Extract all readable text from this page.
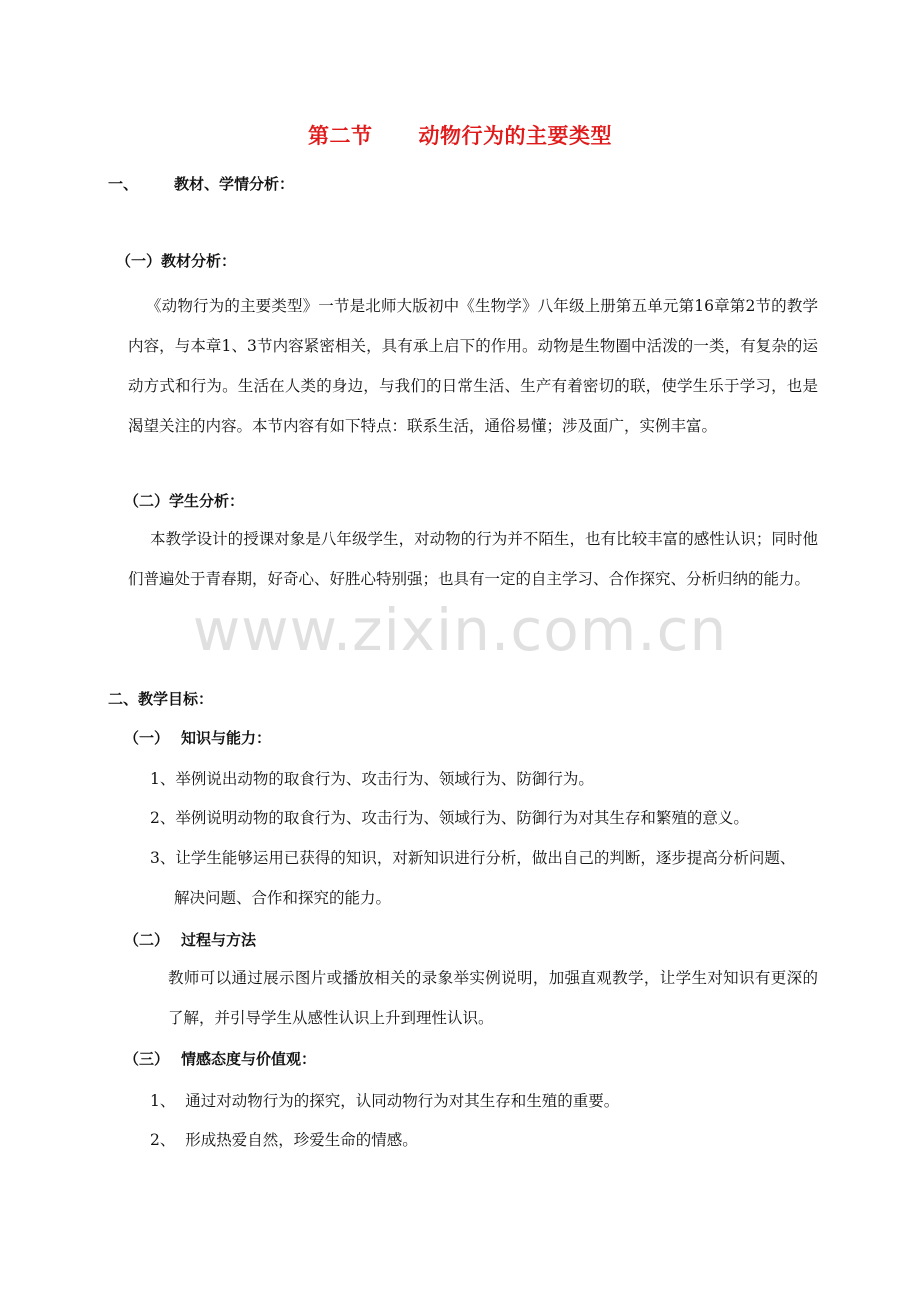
第二节 动物行为的主要类型
一、 教材、学情分析：
（一）教材分析：
《动物行为的主要类型》一节是北师大版初中《生物学》八年级上册第五单元第16章第2节的教学内容，与本章1、3节内容紧密相关，具有承上启下的作用。动物是生物圈中活泼的一类，有复杂的运动方式和行为。生活在人类的身边，与我们的日常生活、生产有着密切的联，使学生乐于学习，也是渴望关注的内容。本节内容有如下特点：联系生活，通俗易懂；涉及面广，实例丰富。
（二）学生分析：
本教学设计的授课对象是八年级学生，对动物的行为并不陌生，也有比较丰富的感性认识；同时他们普遍处于青春期，好奇心、好胜心特别强；也具有一定的自主学习、合作探究、分析归纳的能力。
www.zixin.com.cn
二、教学目标：
（一） 知识与能力：
1、举例说出动物的取食行为、攻击行为、领域行为、防御行为。
2、举例说明动物的取食行为、攻击行为、领域行为、防御行为对其生存和繁殖的意义。
3、让学生能够运用已获得的知识，对新知识进行分析，做出自己的判断，逐步提高分析问题、
解决问题、合作和探究的能力。
（二） 过程与方法
教师可以通过展示图片或播放相关的录象举实例说明，加强直观教学，让学生对知识有更深的了解，并引导学生从感性认识上升到理性认识。
（三） 情感态度与价值观：
1、  通过对动物行为的探究，认同动物行为对其生存和生殖的重要。
2、  形成热爱自然，珍爱生命的情感。
